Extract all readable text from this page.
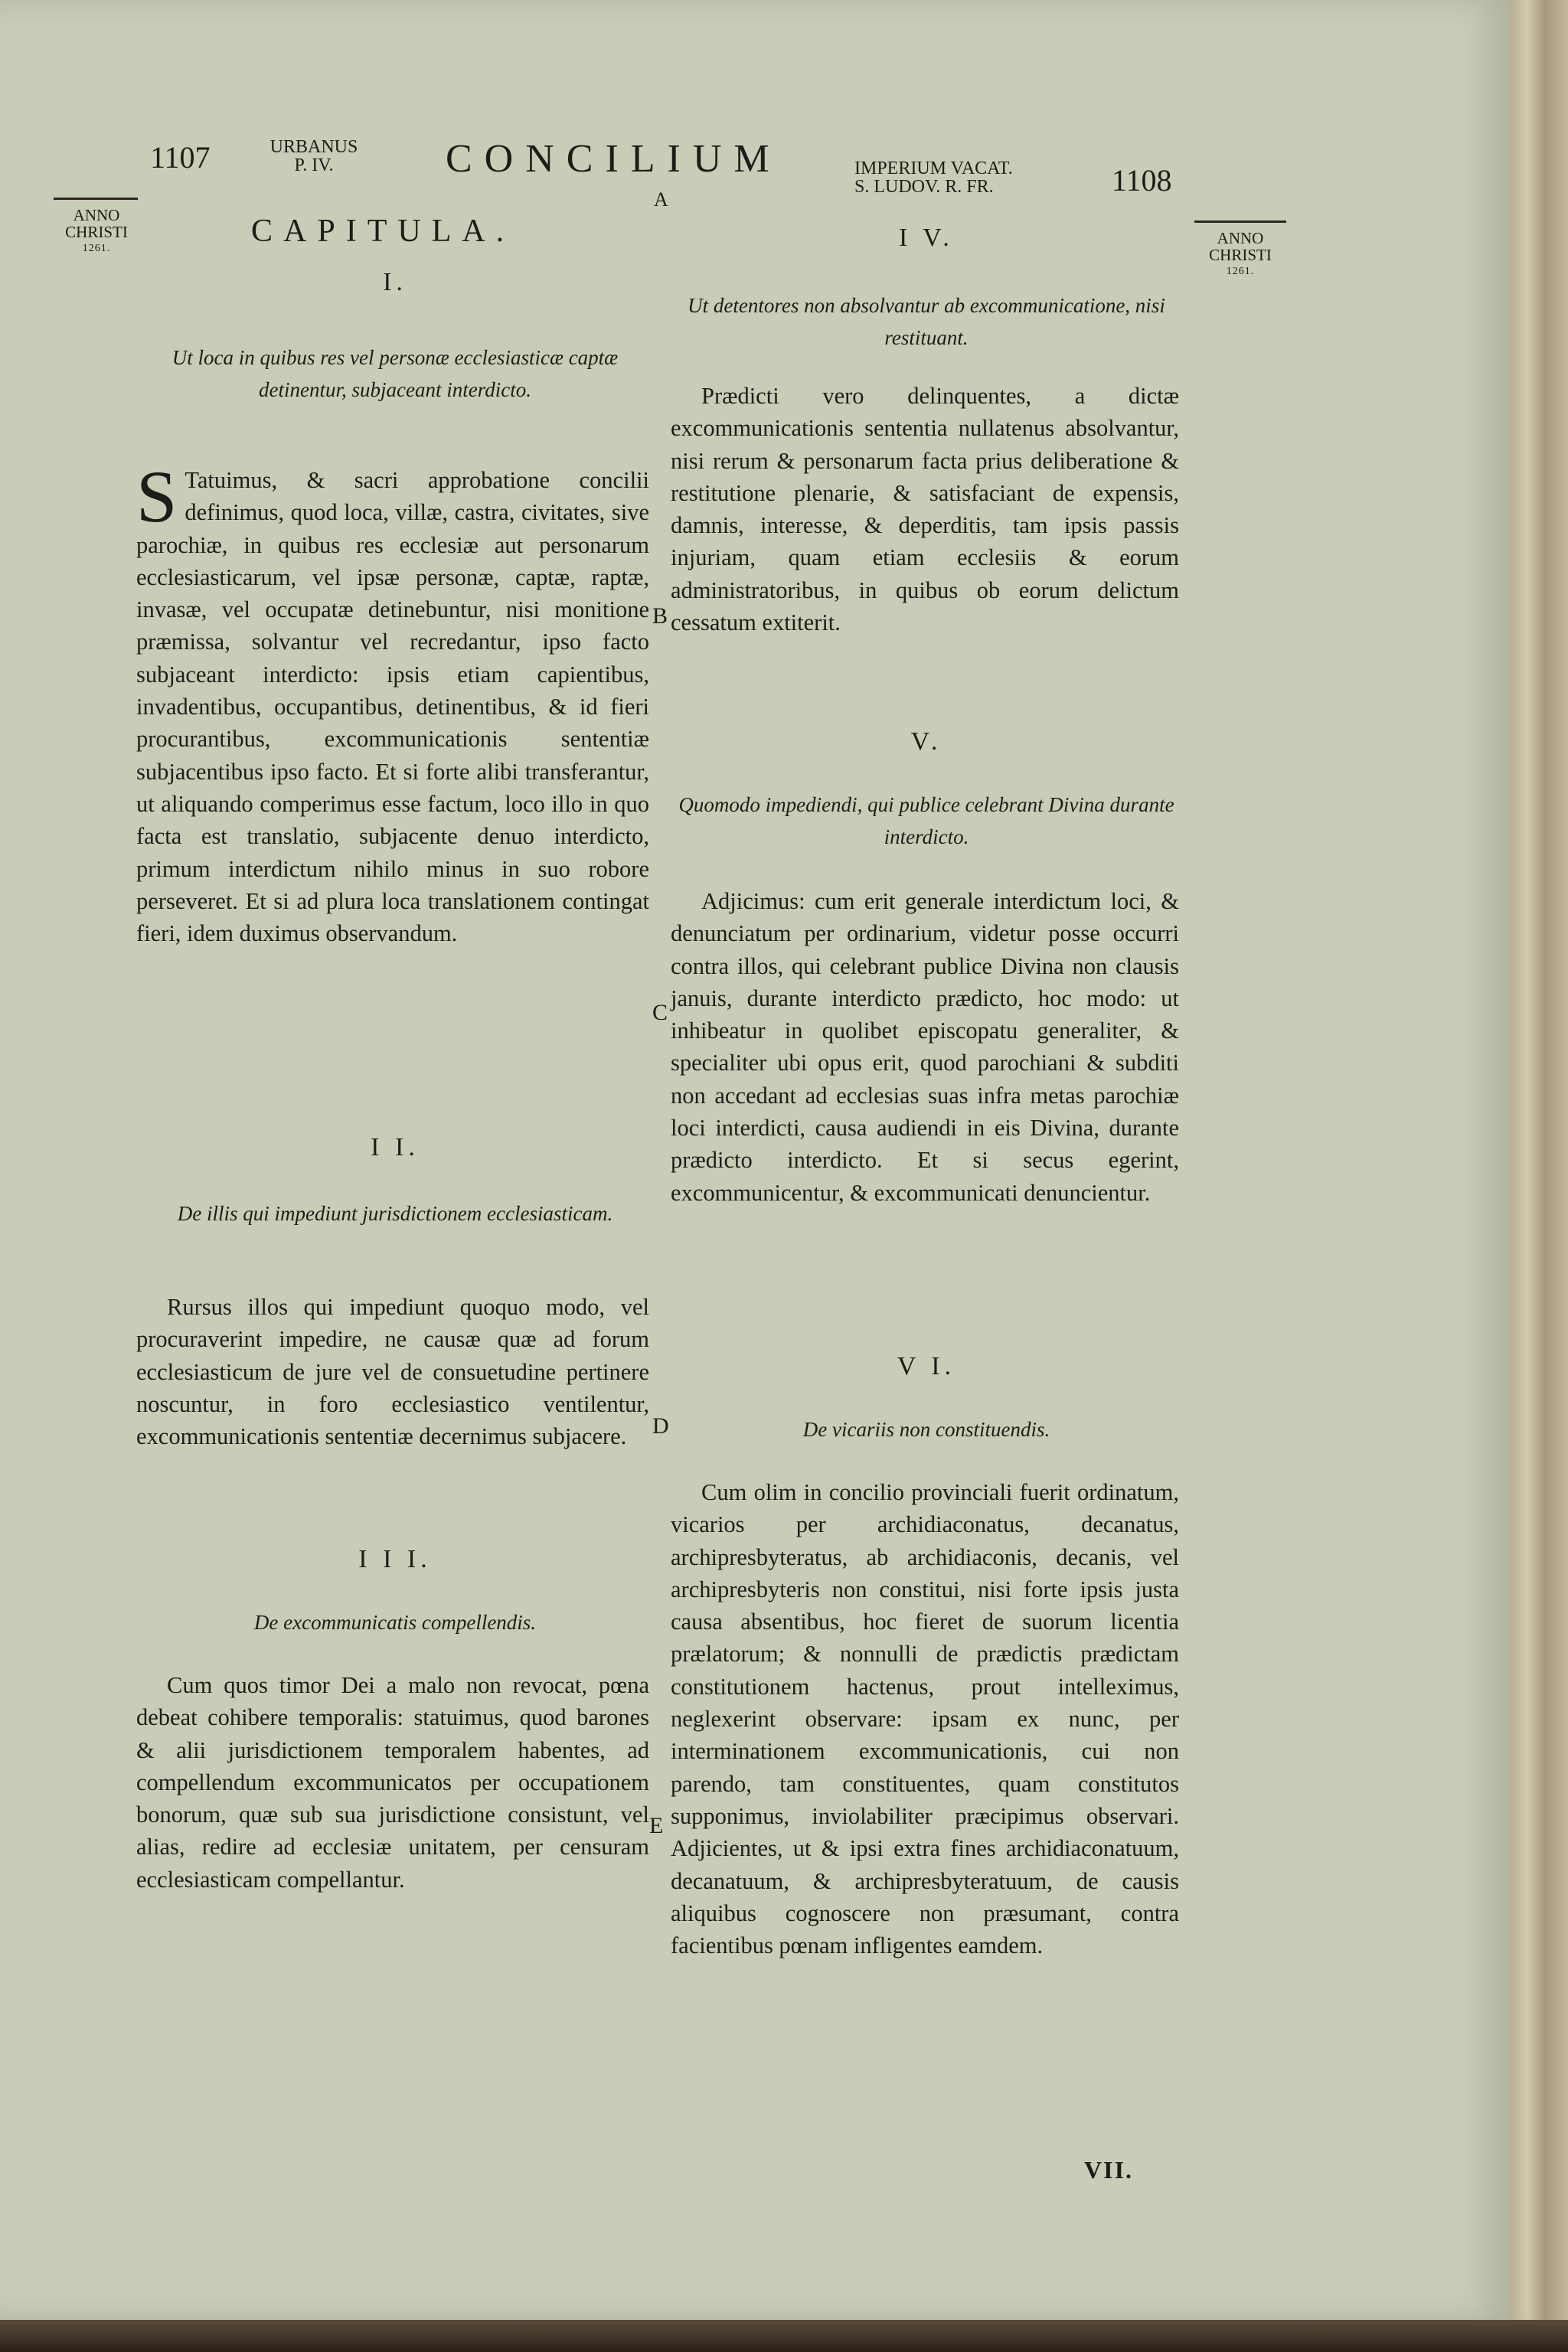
1107	URBANUS
P. IV.	CONCILIUM
A
IMPERIUM VACAT.
S. LUDOV. R. FR.	1108
ANNO
CHRISTI
1261.
ANNO
CHRISTI
1261.
CAPITULA.
I.
Ut loca in quibus res vel personæ ecclesiasticæ captæ detinentur, subjaceant interdicto.
S Tatuimus, & sacri approbatione concilii definimus, quod loca, villæ, castra, civitates, sive parochiæ, in quibus res ecclesiæ aut personarum ecclesiasticarum, vel ipsæ personæ, captæ, raptæ, invasæ, vel occupatæ detinebuntur, nisi monitione præmissa, solvantur vel recredantur, ipso facto subjaceant interdicto: ipsis etiam capientibus, invadentibus, occupantibus, detinentibus, & id fieri procurantibus, excommunicationis sententiæ subjacentibus ipso facto. Et si forte alibi transferantur, ut aliquando comperimus esse factum, loco illo in quo facta est translatio, subjacente denuo interdicto, primum interdictum nihilo minus in suo robore perseveret. Et si ad plura loca translationem contingat fieri, idem duximus observandum.
I I.
De illis qui impediunt jurisdictionem ecclesiasticam.
Rursus illos qui impediunt quoquo modo, vel procuraverint impedire, ne causæ quæ ad forum ecclesiasticum de jure vel de consuetudine pertinere noscuntur, in foro ecclesiastico ventilentur, excommunicationis sententiæ decernimus subjacere.
I I I.
De excommunicatis compellendis.
Cum quos timor Dei a malo non revocat, pœna debeat cohibere temporalis: statuimus, quod barones & alii jurisdictionem temporalem habentes, ad compellendum excommunicatos per occupationem bonorum, quæ sub sua jurisdictione consistunt, vel alias, redire ad ecclesiæ unitatem, per censuram ecclesiasticam compellantur.
B
C
D
E
I V.
Ut detentores non absolvantur ab excommunicatione, nisi restituant.
Prædicti vero delinquentes, a dictæ excommunicationis sententia nullatenus absolvantur, nisi rerum & personarum facta prius deliberatione & restitutione plenarie, & satisfaciant de expensis, damnis, interesse, & deperditis, tam ipsis passis injuriam, quam etiam ecclesiis & eorum administratoribus, in quibus ob eorum delictum cessatum extiterit.
V.
Quomodo impediendi, qui publice celebrant Divina durante interdicto.
Adjicimus: cum erit generale interdictum loci, & denunciatum per ordinarium, videtur posse occurri contra illos, qui celebrant publice Divina non clausis januis, durante interdicto prædicto, hoc modo: ut inhibeatur in quolibet episcopatu generaliter, & specialiter ubi opus erit, quod parochiani & subditi non accedant ad ecclesias suas infra metas parochiæ loci interdicti, causa audiendi in eis Divina, durante prædicto interdicto. Et si secus egerint, excommunicentur, & excommunicati denuncientur.
V I.
De vicariis non constituendis.
Cum olim in concilio provinciali fuerit ordinatum, vicarios per archidiaconatus, decanatus, archipresbyteratus, ab archidiaconis, decanis, vel archipresbyteris non constitui, nisi forte ipsis justa causa absentibus, hoc fieret de suorum licentia prælatorum; & nonnulli de prædictis prædictam constitutionem hactenus, prout intelleximus, neglexerint observare: ipsam ex nunc, per interminationem excommunicationis, cui non parendo, tam constituentes, quam constitutos supponimus, inviolabiliter præcipimus observari. Adjicientes, ut & ipsi extra fines archidiaconatuum, decanatuum, & archipresbyteratuum, de causis aliquibus cognoscere non præsumant, contra facientibus pœnam infligentes eamdem.
VII.
